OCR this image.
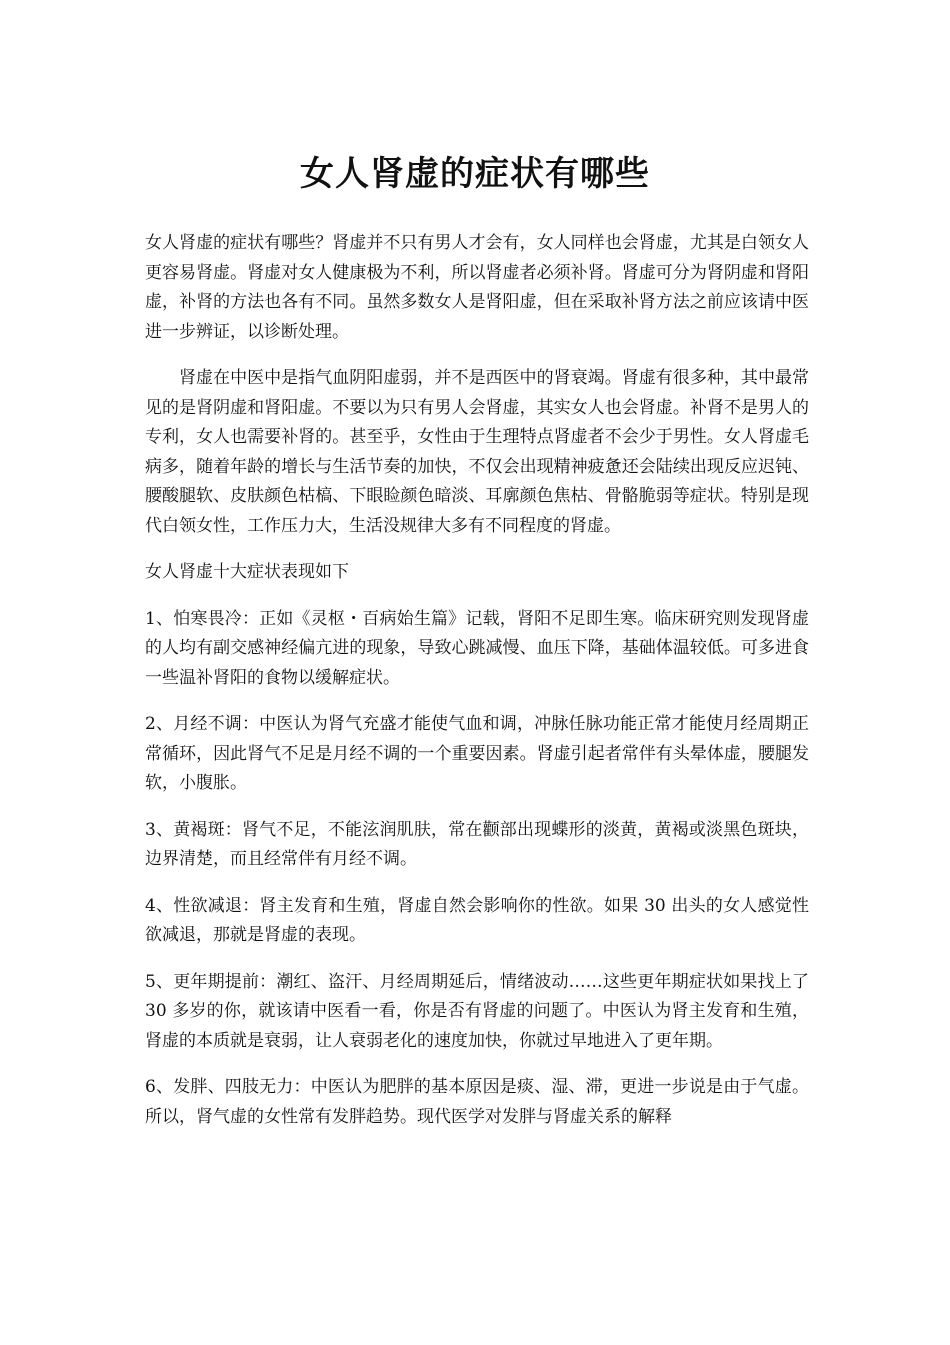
女人肾虚的症状有哪些

女人肾虚的症状有哪些？肾虚并不只有男人才会有，女人同样也会肾虚，尤其是白领女人更容易肾虚。肾虚对女人健康极为不利，所以肾虚者必须补肾。肾虚可分为肾阴虚和肾阳虚，补肾的方法也各有不同。虽然多数女人是肾阳虚，但在采取补肾方法之前应该请中医进一步辨证，以诊断处理。

肾虚在中医中是指气血阴阳虚弱，并不是西医中的肾衰竭。肾虚有很多种，其中最常见的是肾阴虚和肾阳虚。不要以为只有男人会肾虚，其实女人也会肾虚。补肾不是男人的专利，女人也需要补肾的。甚至乎，女性由于生理特点肾虚者不会少于男性。女人肾虚毛病多，随着年龄的增长与生活节奏的加快，不仅会出现精神疲惫还会陆续出现反应迟钝、腰酸腿软、皮肤颜色枯槁、下眼睑颜色暗淡、耳廓颜色焦枯、骨骼脆弱等症状。特别是现代白领女性，工作压力大，生活没规律大多有不同程度的肾虚。

女人肾虚十大症状表现如下

1、怕寒畏冷：正如《灵枢・百病始生篇》记载，肾阳不足即生寒。临床研究则发现肾虚的人均有副交感神经偏亢进的现象，导致心跳减慢、血压下降，基础体温较低。可多进食一些温补肾阳的食物以缓解症状。

2、月经不调：中医认为肾气充盛才能使气血和调，冲脉任脉功能正常才能使月经周期正常循环，因此肾气不足是月经不调的一个重要因素。肾虚引起者常伴有头晕体虚，腰腿发软，小腹胀。

3、黄褐斑：肾气不足，不能泫润肌肤，常在颧部出现蝶形的淡黄，黄褐或淡黑色斑块，边界清楚，而且经常伴有月经不调。

4、性欲减退：肾主发育和生殖，肾虚自然会影响你的性欲。如果 30 出头的女人感觉性欲减退，那就是肾虚的表现。

5、更年期提前：潮红、盗汗、月经周期延后，情绪波动……这些更年期症状如果找上了 30 多岁的你，就该请中医看一看，你是否有肾虚的问题了。中医认为肾主发育和生殖，肾虚的本质就是衰弱，让人衰弱老化的速度加快，你就过早地进入了更年期。

6、发胖、四肢无力：中医认为肥胖的基本原因是痰、湿、滞，更进一步说是由于气虚。所以，肾气虚的女性常有发胖趋势。现代医学对发胖与肾虚关系的解释
